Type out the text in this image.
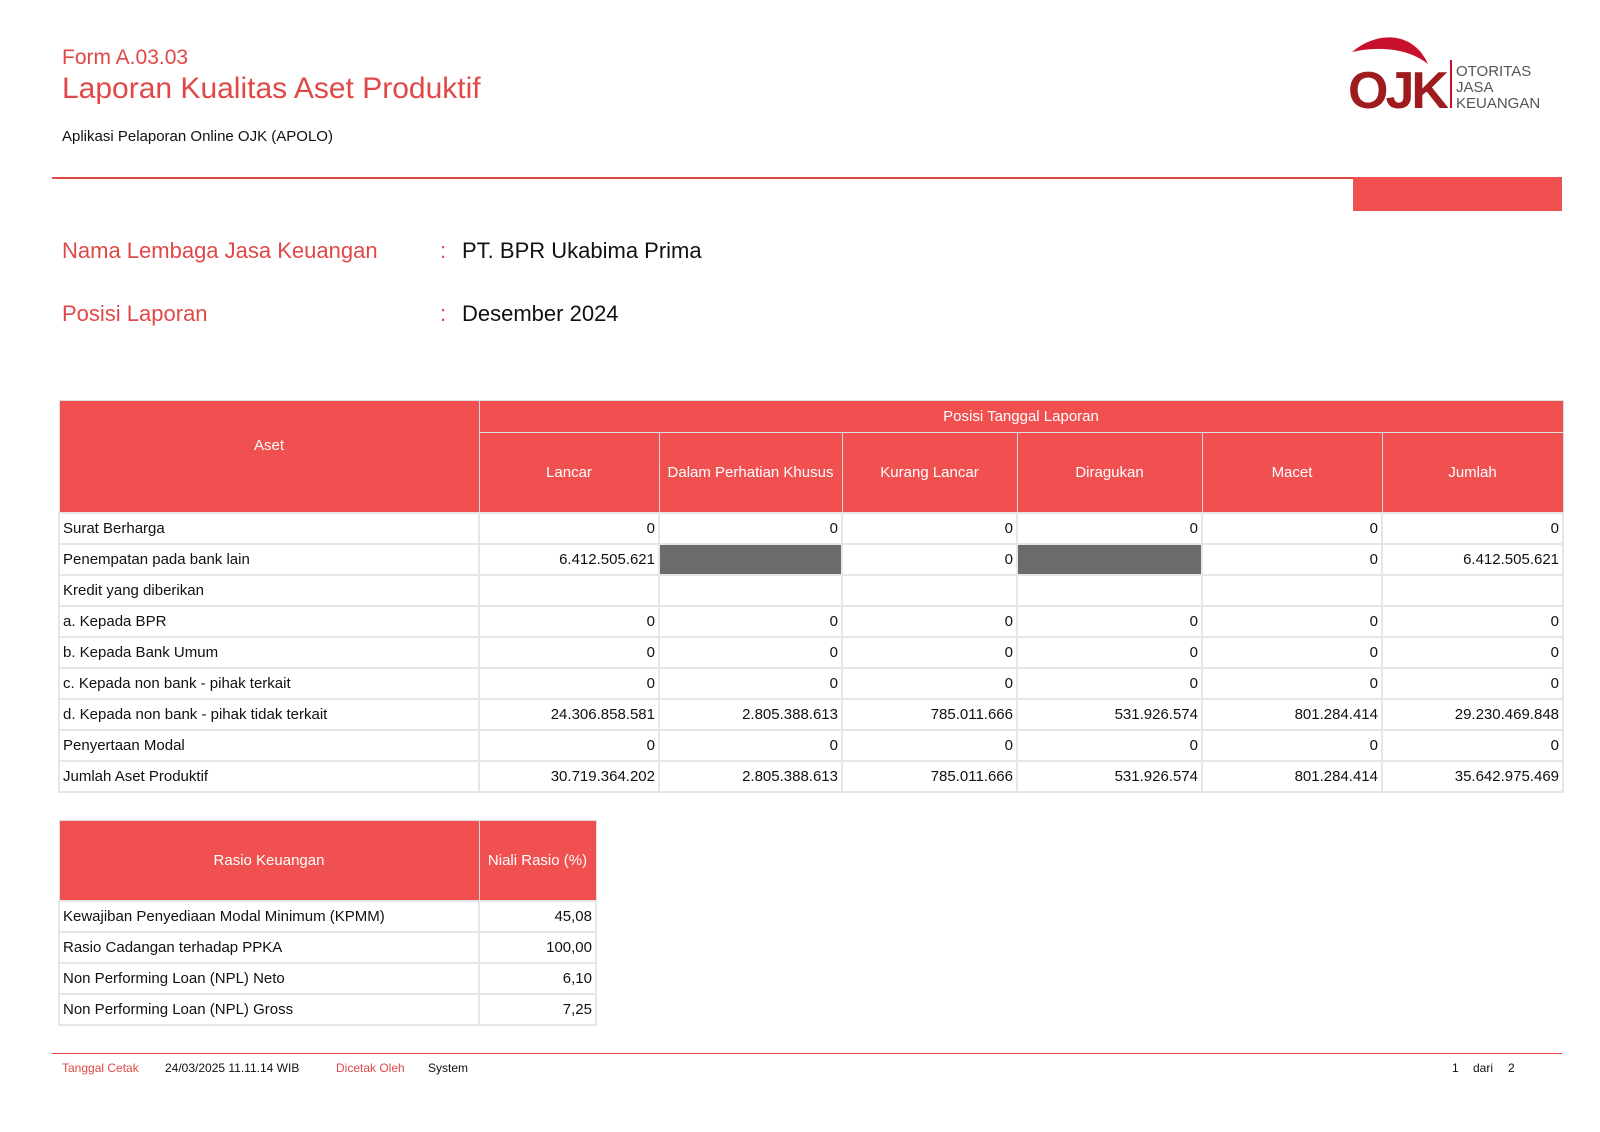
Form A.03.03
Laporan Kualitas Aset Produktif
Aplikasi Pelaporan Online OJK (APOLO)
OJK OTORITAS
JASA
KEUANGAN
Nama Lembaga Jasa Keuangan	: PT. BPR Ukabima Prima
Posisi Laporan	: Desember 2024
Aset	Posisi Tanggal Laporan					
	Lancar	Dalam Perhatian Khusus	Kurang Lancar	Diragukan	Macet	Jumlah
Surat Berharga	0	0	0	0	0	0
Penempatan pada bank lain	6.412.505.621		0		0	6.412.505.621
Kredit yang diberikan						
a. Kepada BPR	0	0	0	0	0	0
b. Kepada Bank Umum	0	0	0	0	0	0
c. Kepada non bank - pihak terkait	0	0	0	0	0	0
d. Kepada non bank - pihak tidak terkait	24.306.858.581	2.805.388.613	785.011.666	531.926.574	801.284.414	29.230.469.848
Penyertaan Modal	0	0	0	0	0	0
Jumlah Aset Produktif	30.719.364.202	2.805.388.613	785.011.666	531.926.574	801.284.414	35.642.975.469
Rasio Keuangan	Niali Rasio (%)
Kewajiban Penyediaan Modal Minimum (KPMM)	45,08
Rasio Cadangan terhadap PPKA	100,00
Non Performing Loan (NPL) Neto	6,10
Non Performing Loan (NPL) Gross	7,25
Tanggal Cetak 24/03/2025 11.11.14 WIB	Dicetak Oleh System	1 dari 2
